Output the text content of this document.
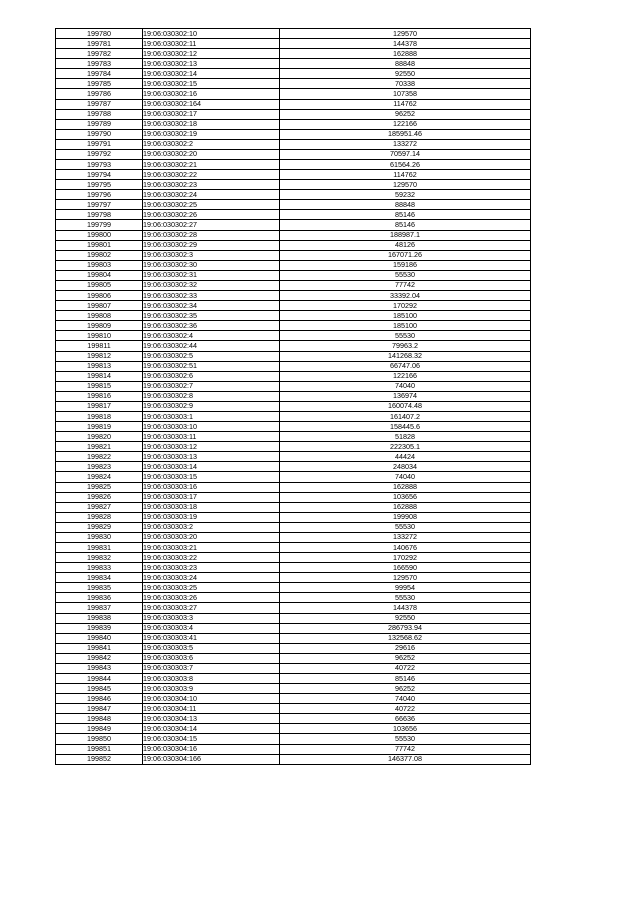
199780	19:06:030302:10	129570
199781	19:06:030302:11	144378
199782	19:06:030302:12	162888
199783	19:06:030302:13	88848
199784	19:06:030302:14	92550
199785	19:06:030302:15	70338
199786	19:06:030302:16	107358
199787	19:06:030302:164	114762
199788	19:06:030302:17	96252
199789	19:06:030302:18	122166
199790	19:06:030302:19	185951.46
199791	19:06:030302:2	133272
199792	19:06:030302:20	70597.14
199793	19:06:030302:21	61564.26
199794	19:06:030302:22	114762
199795	19:06:030302:23	129570
199796	19:06:030302:24	59232
199797	19:06:030302:25	88848
199798	19:06:030302:26	85146
199799	19:06:030302:27	85146
199800	19:06:030302:28	188987.1
199801	19:06:030302:29	48126
199802	19:06:030302:3	167071.26
199803	19:06:030302:30	159186
199804	19:06:030302:31	55530
199805	19:06:030302:32	77742
199806	19:06:030302:33	33392.04
199807	19:06:030302:34	170292
199808	19:06:030302:35	185100
199809	19:06:030302:36	185100
199810	19:06:030302:4	55530
199811	19:06:030302:44	79963.2
199812	19:06:030302:5	141268.32
199813	19:06:030302:51	66747.06
199814	19:06:030302:6	122166
199815	19:06:030302:7	74040
199816	19:06:030302:8	136974
199817	19:06:030302:9	160074.48
199818	19:06:030303:1	161407.2
199819	19:06:030303:10	158445.6
199820	19:06:030303:11	51828
199821	19:06:030303:12	222305.1
199822	19:06:030303:13	44424
199823	19:06:030303:14	248034
199824	19:06:030303:15	74040
199825	19:06:030303:16	162888
199826	19:06:030303:17	103656
199827	19:06:030303:18	162888
199828	19:06:030303:19	199908
199829	19:06:030303:2	55530
199830	19:06:030303:20	133272
199831	19:06:030303:21	140676
199832	19:06:030303:22	170292
199833	19:06:030303:23	166590
199834	19:06:030303:24	129570
199835	19:06:030303:25	99954
199836	19:06:030303:26	55530
199837	19:06:030303:27	144378
199838	19:06:030303:3	92550
199839	19:06:030303:4	286793.94
199840	19:06:030303:41	132568.62
199841	19:06:030303:5	29616
199842	19:06:030303:6	96252
199843	19:06:030303:7	40722
199844	19:06:030303:8	85146
199845	19:06:030303:9	96252
199846	19:06:030304:10	74040
199847	19:06:030304:11	40722
199848	19:06:030304:13	66636
199849	19:06:030304:14	103656
199850	19:06:030304:15	55530
199851	19:06:030304:16	77742
199852	19:06:030304:166	146377.08
